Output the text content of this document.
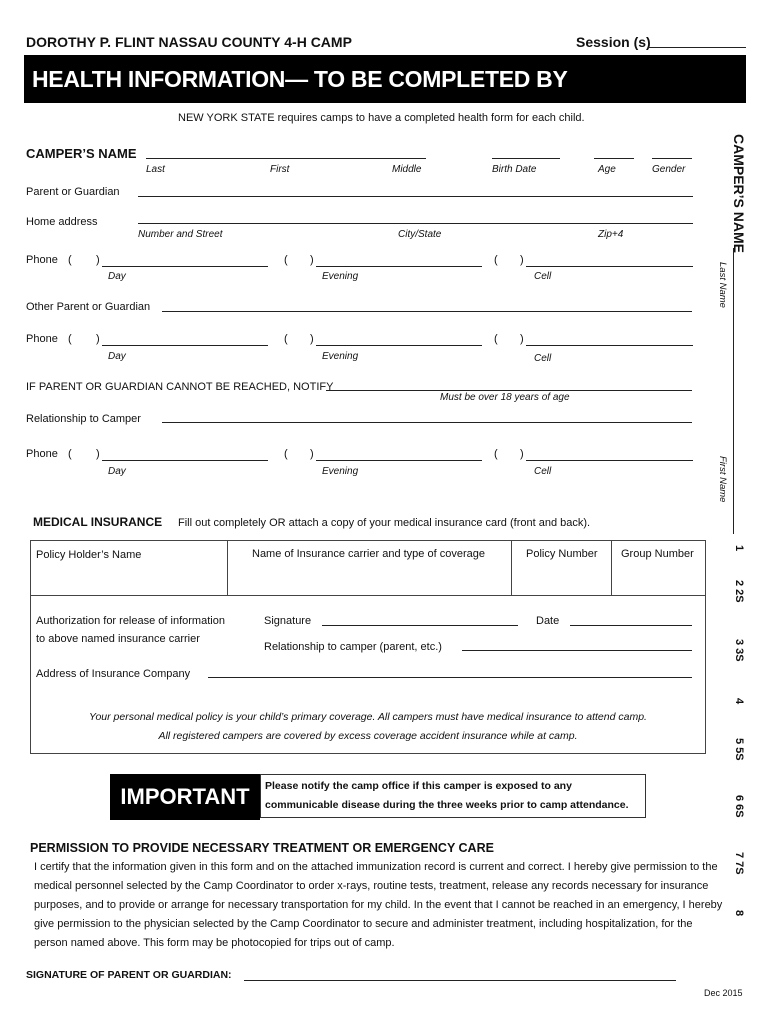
DOROTHY P. FLINT NASSAU COUNTY 4-H CAMP	Session (s)
HEALTH INFORMATION— TO BE COMPLETED BY PARENT/GUARDIAN
NEW YORK STATE requires camps to have a completed health form for each child.
CAMPER’S NAME
Last	First	Middle	Birth Date	Age	Gender
Parent or Guardian
Home address
Number and Street	City/State	Zip+4
Phone ( )	( )	( )
Day	Evening	Cell
Other Parent or Guardian
Phone ( )	( )	( )
Day	Evening	Cell
IF PARENT OR GUARDIAN CANNOT BE REACHED, NOTIFY
Must be over 18 years of age
Relationship to Camper
Phone ( )	( )	( )
Day	Evening	Cell
MEDICAL INSURANCE Fill out completely OR attach a copy of your medical insurance card (front and back).
Policy Holder’s Name	Name of Insurance carrier and type of coverage	Policy Number Group Number
Authorization for release of information
to above named insurance carrier
Signature	Date
Relationship to camper (parent, etc.)
Address of Insurance Company
Your personal medical policy is your child’s primary coverage. All campers must have medical insurance to attend camp.
All registered campers are covered by excess coverage accident insurance while at camp.
IMPORTANT	Please notify the camp office if this camper is exposed to any
communicable disease during the three weeks prior to camp attendance.
PERMISSION TO PROVIDE NECESSARY TREATMENT OR EMERGENCY CARE
I certify that the information given in this form and on the attached immunization record is current and correct. I hereby give permission to the medical personnel selected by the Camp Coordinator to order x-rays, routine tests, treatment, release any records necessary for insurance purposes, and to provide or arrange for necessary transportation for my child. In the event that I cannot be reached in an emergency, I hereby give permission to the physician selected by the Camp Coordinator to secure and administer treatment, including hospitalization, for the person named above. This form may be photocopied for trips out of camp.
SIGNATURE OF PARENT OR GUARDIAN:
Dec 2015
CAMPER’S NAME
Last Name
First Name
1
2 2S
3 3S
4
5 5S
6 6S
7 7S
8
